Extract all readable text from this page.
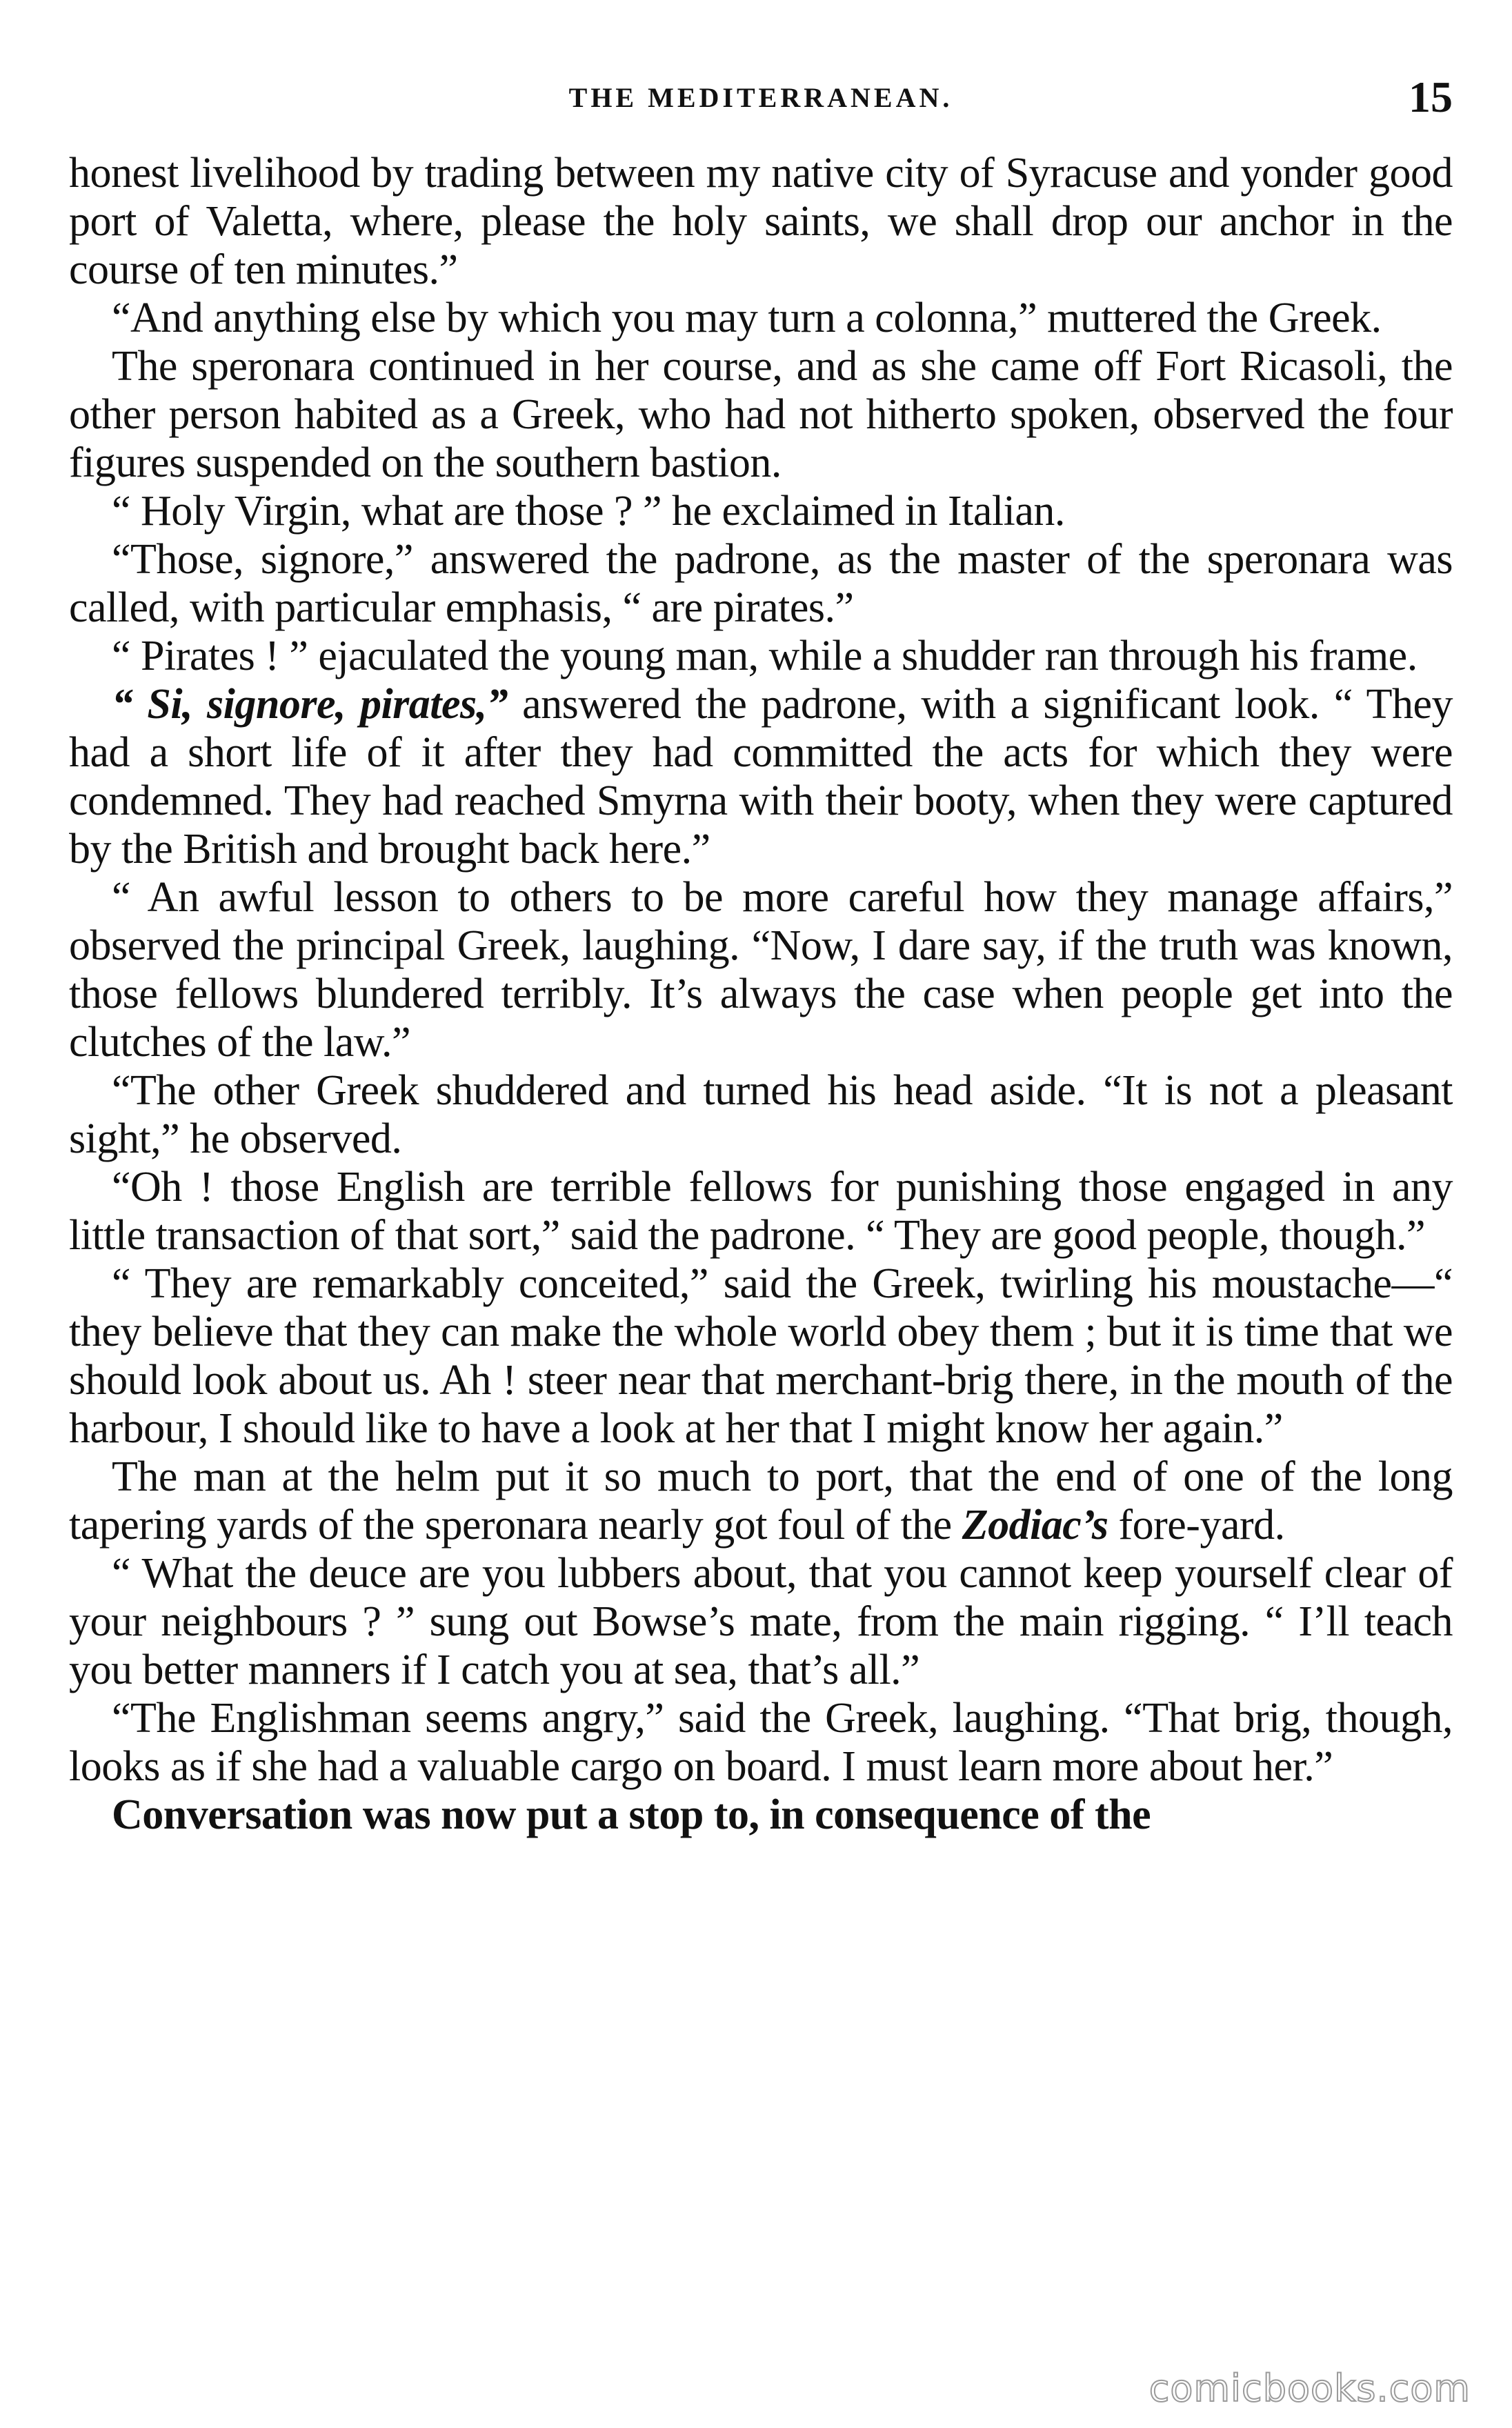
THE MEDITERRANEAN.	15

honest livelihood by trading between my native city of Syracuse and yonder good port of Valetta, where, please the holy saints, we shall drop our anchor in the course of ten minutes.”

“And anything else by which you may turn a colonna,” muttered the Greek.

The speronara continued in her course, and as she came off Fort Ricasoli, the other person habited as a Greek, who had not hitherto spoken, observed the four figures suspended on the southern bastion.

“ Holy Virgin, what are those ? ” he exclaimed in Italian.

“Those, signore,” answered the padrone, as the master of the speronara was called, with particular emphasis, “ are pirates.”

“ Pirates ! ” ejaculated the young man, while a shudder ran through his frame.

“ Si, signore, pirates,” answered the padrone, with a significant look. “ They had a short life of it after they had committed the acts for which they were condemned. They had reached Smyrna with their booty, when they were captured by the British and brought back here.”

“ An awful lesson to others to be more careful how they manage affairs,” observed the principal Greek, laughing. “Now, I dare say, if the truth was known, those fellows blundered terribly. It’s always the case when people get into the clutches of the law.”

“The other Greek shuddered and turned his head aside. “It is not a pleasant sight,” he observed.

“Oh ! those English are terrible fellows for punishing those engaged in any little transaction of that sort,” said the padrone. “ They are good people, though.”

“ They are remarkably conceited,” said the Greek, twirling his moustache—“ they believe that they can make the whole world obey them ; but it is time that we should look about us. Ah ! steer near that merchant-brig there, in the mouth of the harbour, I should like to have a look at her that I might know her again.”

The man at the helm put it so much to port, that the end of one of the long tapering yards of the speronara nearly got foul of the Zodiac’s fore-yard.

“ What the deuce are you lubbers about, that you cannot keep yourself clear of your neighbours ? ” sung out Bowse’s mate, from the main rigging. “ I’ll teach you better manners if I catch you at sea, that’s all.”

“The Englishman seems angry,” said the Greek, laughing. “That brig, though, looks as if she had a valuable cargo on board. I must learn more about her.”

Conversation was now put a stop to, in consequence of the

comicbooks.com
